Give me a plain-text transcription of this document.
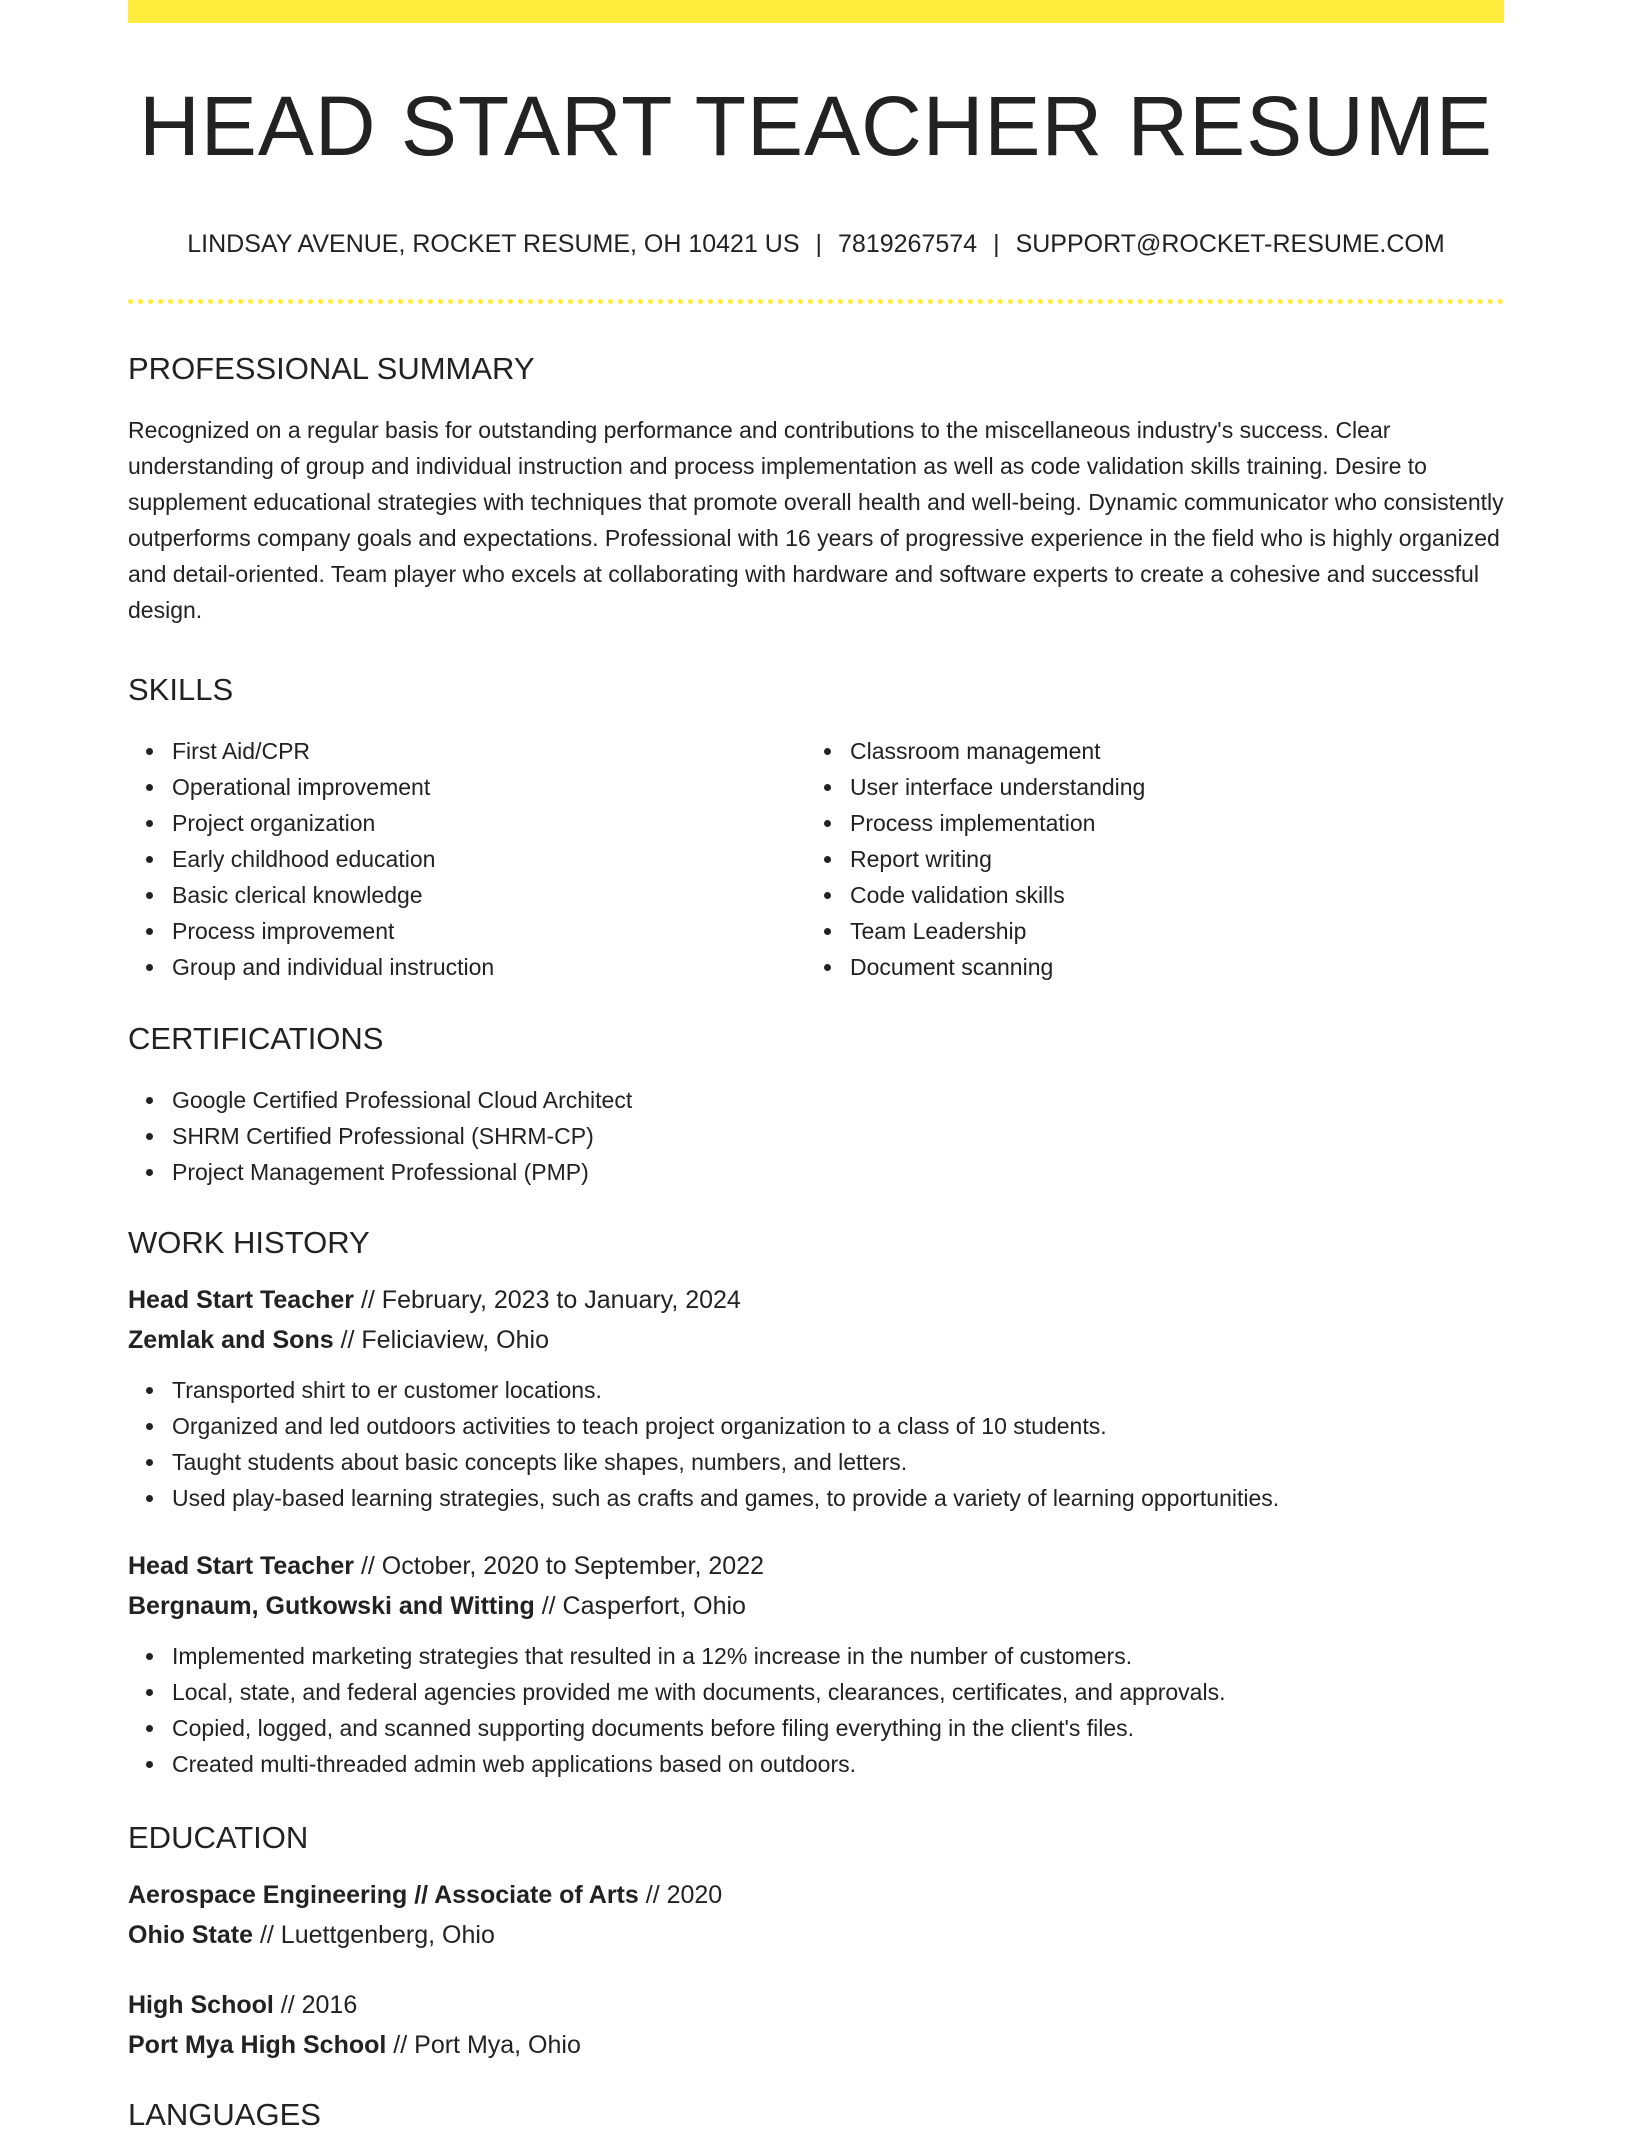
HEAD START TEACHER RESUME
LINDSAY AVENUE, ROCKET RESUME, OH 10421 US | 7819267574 | SUPPORT@ROCKET-RESUME.COM
PROFESSIONAL SUMMARY

Recognized on a regular basis for outstanding performance and contributions to the miscellaneous industry's success. Clear understanding of group and individual instruction and process implementation as well as code validation skills training. Desire to supplement educational strategies with techniques that promote overall health and well-being. Dynamic communicator who consistently outperforms company goals and expectations. Professional with 16 years of progressive experience in the field who is highly organized and detail-oriented. Team player who excels at collaborating with hardware and software experts to create a cohesive and successful design.

SKILLS
First Aid/CPR
Operational improvement
Project organization
Early childhood education
Basic clerical knowledge
Process improvement
Group and individual instruction
Classroom management
User interface understanding
Process implementation
Report writing
Code validation skills
Team Leadership
Document scanning
CERTIFICATIONS
Google Certified Professional Cloud Architect
SHRM Certified Professional (SHRM-CP)
Project Management Professional (PMP)
WORK HISTORY
Head Start Teacher // February, 2023 to January, 2024
Zemlak and Sons // Feliciaview, Ohio
Transported shirt to er customer locations.
Organized and led outdoors activities to teach project organization to a class of 10 students.
Taught students about basic concepts like shapes, numbers, and letters.
Used play-based learning strategies, such as crafts and games, to provide a variety of learning opportunities.
Head Start Teacher // October, 2020 to September, 2022
Bergnaum, Gutkowski and Witting // Casperfort, Ohio
Implemented marketing strategies that resulted in a 12% increase in the number of customers.
Local, state, and federal agencies provided me with documents, clearances, certificates, and approvals.
Copied, logged, and scanned supporting documents before filing everything in the client's files.
Created multi-threaded admin web applications based on outdoors.
EDUCATION
Aerospace Engineering // Associate of Arts // 2020
Ohio State // Luettgenberg, Ohio
High School // 2016
Port Mya High School // Port Mya, Ohio
LANGUAGES
